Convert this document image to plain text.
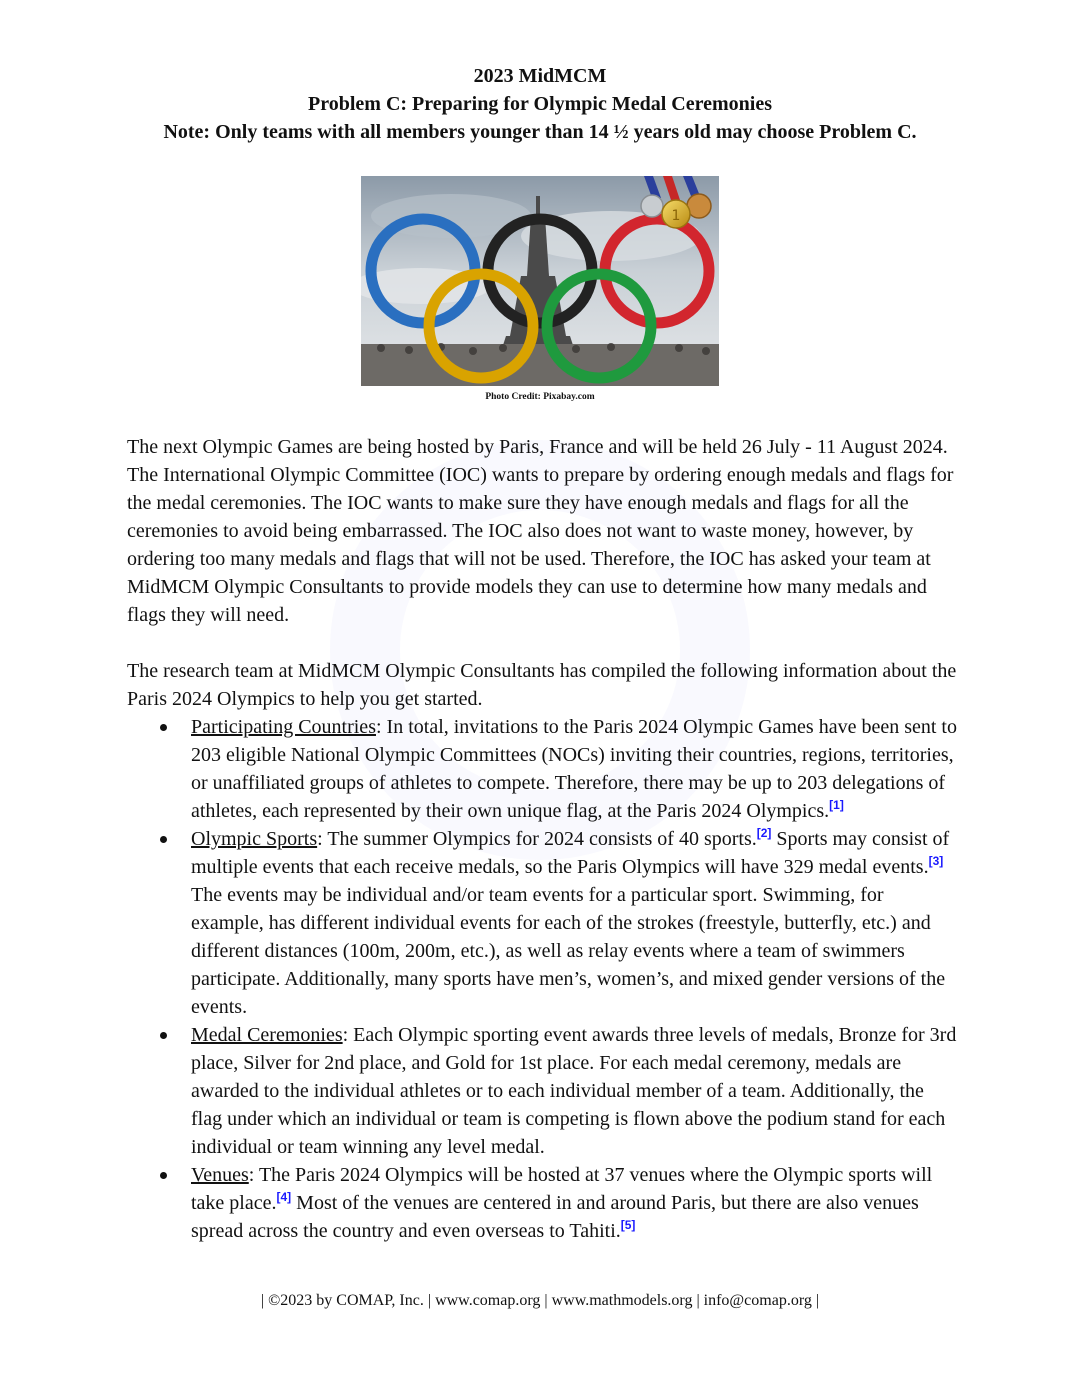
2023 MidMCM
Problem C: Preparing for Olympic Medal Ceremonies
Note: Only teams with all members younger than 14 ½ years old may choose Problem C.
1
Photo Credit: Pixabay.com
The next Olympic Games are being hosted by Paris, France and will be held 26 July - 11 August 2024. The International Olympic Committee (IOC) wants to prepare by ordering enough medals and flags for the medal ceremonies. The IOC wants to make sure they have enough medals and flags for all the ceremonies to avoid being embarrassed. The IOC also does not want to waste money, however, by ordering too many medals and flags that will not be used. Therefore, the IOC has asked your team at MidMCM Olympic Consultants to provide models they can use to determine how many medals and flags they will need.

The research team at MidMCM Olympic Consultants has compiled the following information about the Paris 2024 Olympics to help you get started.

Participating Countries: In total, invitations to the Paris 2024 Olympic Games have been sent to 203 eligible National Olympic Committees (NOCs) inviting their countries, regions, territories, or unaffiliated groups of athletes to compete. Therefore, there may be up to 203 delegations of athletes, each represented by their own unique flag, at the Paris 2024 Olympics.[1]
Olympic Sports: The summer Olympics for 2024 consists of 40 sports.[2] Sports may consist of multiple events that each receive medals, so the Paris Olympics will have 329 medal events.[3] The events may be individual and/or team events for a particular sport. Swimming, for example, has different individual events for each of the strokes (freestyle, butterfly, etc.) and different distances (100m, 200m, etc.), as well as relay events where a team of swimmers participate. Additionally, many sports have men’s, women’s, and mixed gender versions of the events.
Medal Ceremonies: Each Olympic sporting event awards three levels of medals, Bronze for 3rd place, Silver for 2nd place, and Gold for 1st place. For each medal ceremony, medals are awarded to the individual athletes or to each individual member of a team. Additionally, the flag under which an individual or team is competing is flown above the podium stand for each individual or team winning any level medal.
Venues: The Paris 2024 Olympics will be hosted at 37 venues where the Olympic sports will take place.[4] Most of the venues are centered in and around Paris, but there are also venues spread across the country and even overseas to Tahiti.[5]
| ©2023 by COMAP, Inc. | www.comap.org | www.mathmodels.org | info@comap.org |
